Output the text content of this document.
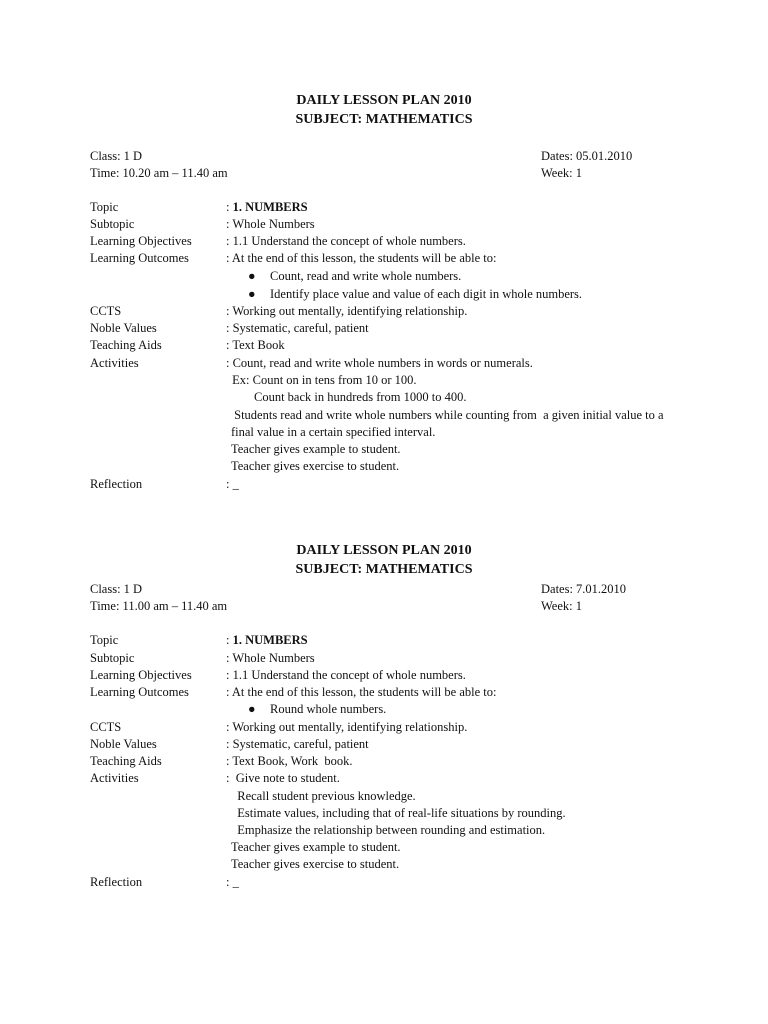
DAILY LESSON PLAN 2010
SUBJECT: MATHEMATICS
Class: 1 D	Dates: 05.01.2010
Time: 10.20 am – 11.40 am	Week: 1
Topic	: 1. NUMBERS
Subtopic	: Whole Numbers
Learning Objectives	: 1.1 Understand the concept of whole numbers.
Learning Outcomes	: At the end of this lesson, the students will be able to:
● Count, read and write whole numbers.
● Identify place value and value of each digit in whole numbers.
CCTS	: Working out mentally, identifying relationship.
Noble Values	: Systematic, careful, patient
Teaching Aids	: Text Book
Activities	: Count, read and write whole numbers in words or numerals.
Ex: Count on in tens from 10 or 100.
Count back in hundreds from 1000 to 400.
Students read and write whole numbers while counting from  a given initial value to a
final value in a certain specified interval.
Teacher gives example to student.
Teacher gives exercise to student.
Reflection	: _
DAILY LESSON PLAN 2010
SUBJECT: MATHEMATICS
Class: 1 D	Dates: 7.01.2010
Time: 11.00 am – 11.40 am	Week: 1
Topic	: 1. NUMBERS
Subtopic	: Whole Numbers
Learning Objectives	: 1.1 Understand the concept of whole numbers.
Learning Outcomes	: At the end of this lesson, the students will be able to:
● Round whole numbers.
CCTS	: Working out mentally, identifying relationship.
Noble Values	: Systematic, careful, patient
Teaching Aids	: Text Book, Work  book.
Activities	:  Give note to student.
Recall student previous knowledge.
Estimate values, including that of real-life situations by rounding.
Emphasize the relationship between rounding and estimation.
Teacher gives example to student.
Teacher gives exercise to student.
Reflection	: _
